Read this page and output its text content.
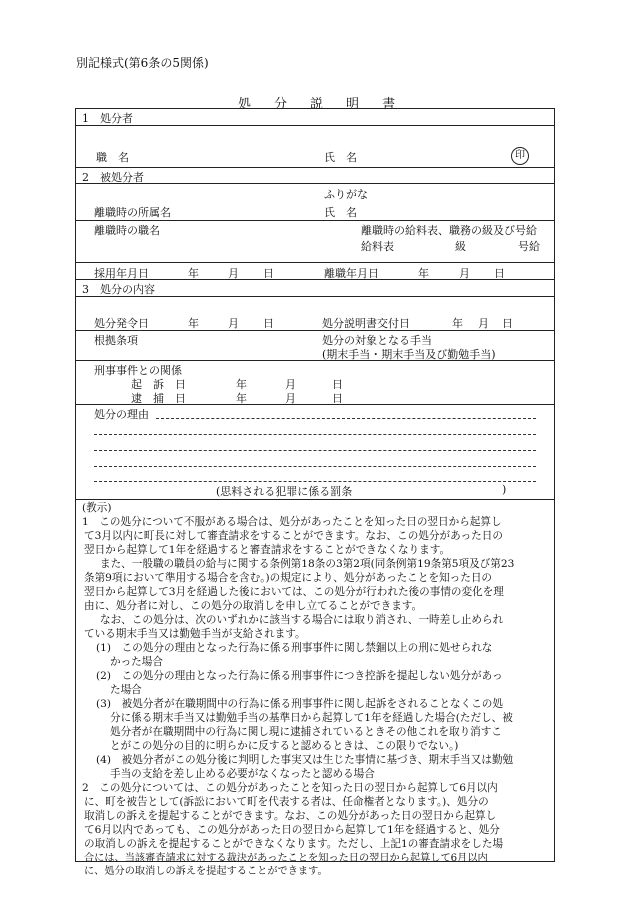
別記様式(第6条の5関係)
処 分 説 明 書
1　処分者
職　名	氏　名	印
2　被処分者
ふりがな
離職時の所属名	氏　名
離職時の職名	離職時の給料表、職務の級及び号給
給料表	級	号給
採用年月日	年	月 日	離職年月日	年	月 日
3　処分の内容
処分発令日	年	月 日	処分説明書交付日	年 月 日
根拠条項	処分の対象となる手当
(期末手当・期末手当及び勤勉手当)
刑事事件との関係
起　訴　日	年	月	日
逮　捕　日	年	月	日
処分の理由
(思料される犯罪に係る罰条	)
(教示)
1　この処分について不服がある場合は、処分があったことを知った日の翌日から起算し
て3月以内に町長に対して審査請求をすることができます。なお、この処分があった日の
翌日から起算して1年を経過すると審査請求をすることができなくなります。
また、一般職の職員の給与に関する条例第18条の3第2項(同条例第19条第5項及び第23
条第9項において準用する場合を含む。)の規定により、処分があったことを知った日の
翌日から起算して3月を経過した後においては、この処分が行われた後の事情の変化を理
由に、処分者に対し、この処分の取消しを申し立てることができます。
なお、この処分は、次のいずれかに該当する場合には取り消され、一時差し止められ
ている期末手当又は勤勉手当が支給されます。
(1)　この処分の理由となった行為に係る刑事事件に関し禁錮以上の刑に処せられな
かった場合
(2)　この処分の理由となった行為に係る刑事事件につき控訴を提起しない処分があっ
た場合
(3)　被処分者が在職期間中の行為に係る刑事事件に関し起訴をされることなくこの処
分に係る期末手当又は勤勉手当の基準日から起算して1年を経過した場合(ただし、被
処分者が在職期間中の行為に関し現に逮捕されているときその他これを取り消すこ
とがこの処分の目的に明らかに反すると認めるときは、この限りでない。)
(4)　被処分者がこの処分後に判明した事実又は生じた事情に基づき、期末手当又は勤勉
手当の支給を差し止める必要がなくなったと認める場合
2　この処分については、この処分があったことを知った日の翌日から起算して6月以内
に、町を被告として(訴訟において町を代表する者は、任命権者となります。)、処分の
取消しの訴えを提起することができます。なお、この処分があった日の翌日から起算し
て6月以内であっても、この処分があった日の翌日から起算して1年を経過すると、処分
の取消しの訴えを提起することができなくなります。ただし、上記1の審査請求をした場
合には、当該審査請求に対する裁決があったことを知った日の翌日から起算して6月以内
に、処分の取消しの訴えを提起することができます。
